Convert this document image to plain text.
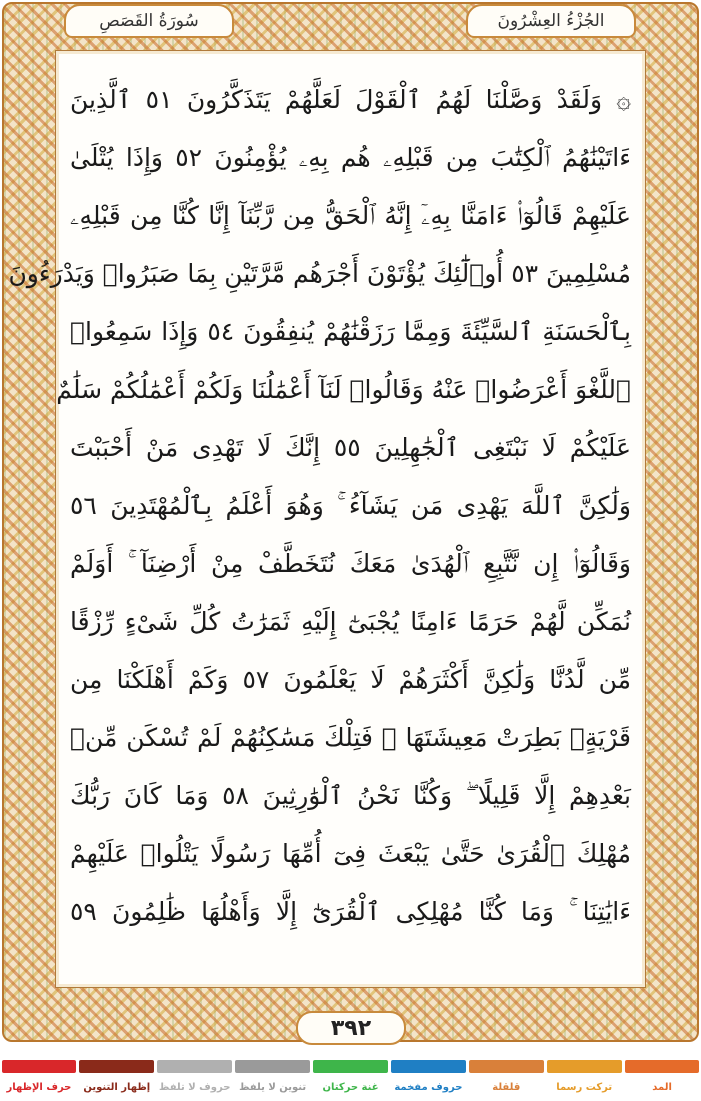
سُورَةُ القَصَصِ	الجُزْءُ العِشْرُونَ
۞ وَلَقَدْ وَصَّلْنَا لَهُمُ ٱلْقَوْلَ لَعَلَّهُمْ يَتَذَكَّرُونَ ٥١ ٱلَّذِينَ
ءَاتَيْنَٰهُمُ ٱلْكِتَٰبَ مِن قَبْلِهِۦ هُم بِهِۦ يُؤْمِنُونَ ٥٢ وَإِذَا يُتْلَىٰ
عَلَيْهِمْ قَالُوٓا۟ ءَامَنَّا بِهِۦٓ إِنَّهُ ٱلْحَقُّ مِن رَّبِّنَآ إِنَّا كُنَّا مِن قَبْلِهِۦ
مُسْلِمِينَ ٥٣ أُو۟لَٰٓئِكَ يُؤْتَوْنَ أَجْرَهُم مَّرَّتَيْنِ بِمَا صَبَرُوا۟ وَيَدْرَءُونَ
بِٱلْحَسَنَةِ ٱلسَّيِّئَةَ وَمِمَّا رَزَقْنَٰهُمْ يُنفِقُونَ ٥٤ وَإِذَا سَمِعُوا۟
ٱللَّغْوَ أَعْرَضُوا۟ عَنْهُ وَقَالُوا۟ لَنَآ أَعْمَٰلُنَا وَلَكُمْ أَعْمَٰلُكُمْ سَلَٰمٌ
عَلَيْكُمْ لَا نَبْتَغِى ٱلْجَٰهِلِينَ ٥٥ إِنَّكَ لَا تَهْدِى مَنْ أَحْبَبْتَ
وَلَٰكِنَّ ٱللَّهَ يَهْدِى مَن يَشَآءُ ۚ وَهُوَ أَعْلَمُ بِٱلْمُهْتَدِينَ ٥٦
وَقَالُوٓا۟ إِن نَّتَّبِعِ ٱلْهُدَىٰ مَعَكَ نُتَخَطَّفْ مِنْ أَرْضِنَآ ۚ أَوَلَمْ
نُمَكِّن لَّهُمْ حَرَمًا ءَامِنًا يُجْبَىٰٓ إِلَيْهِ ثَمَرَٰتُ كُلِّ شَىْءٍ رِّزْقًا
مِّن لَّدُنَّا وَلَٰكِنَّ أَكْثَرَهُمْ لَا يَعْلَمُونَ ٥٧ وَكَمْ أَهْلَكْنَا مِن
قَرْيَةٍۭ بَطِرَتْ مَعِيشَتَهَا ۖ فَتِلْكَ مَسَٰكِنُهُمْ لَمْ تُسْكَن مِّنۢ
بَعْدِهِمْ إِلَّا قَلِيلًا ۖ وَكُنَّا نَحْنُ ٱلْوَٰرِثِينَ ٥٨ وَمَا كَانَ رَبُّكَ
مُهْلِكَ ٱلْقُرَىٰ حَتَّىٰ يَبْعَثَ فِىٓ أُمِّهَا رَسُولًا يَتْلُوا۟ عَلَيْهِمْ
ءَايَٰتِنَا ۚ وَمَا كُنَّا مُهْلِكِى ٱلْقُرَىٰٓ إِلَّا وَأَهْلُهَا ظَٰلِمُونَ ٥٩
٣٩٢
المد
تركت رسما
قلقلة
حروف مفخمة
غنة حركتان
تنوين لا يلفظ
حروف لا تلفظ
إظهار التنوين
حرف الإظهار
